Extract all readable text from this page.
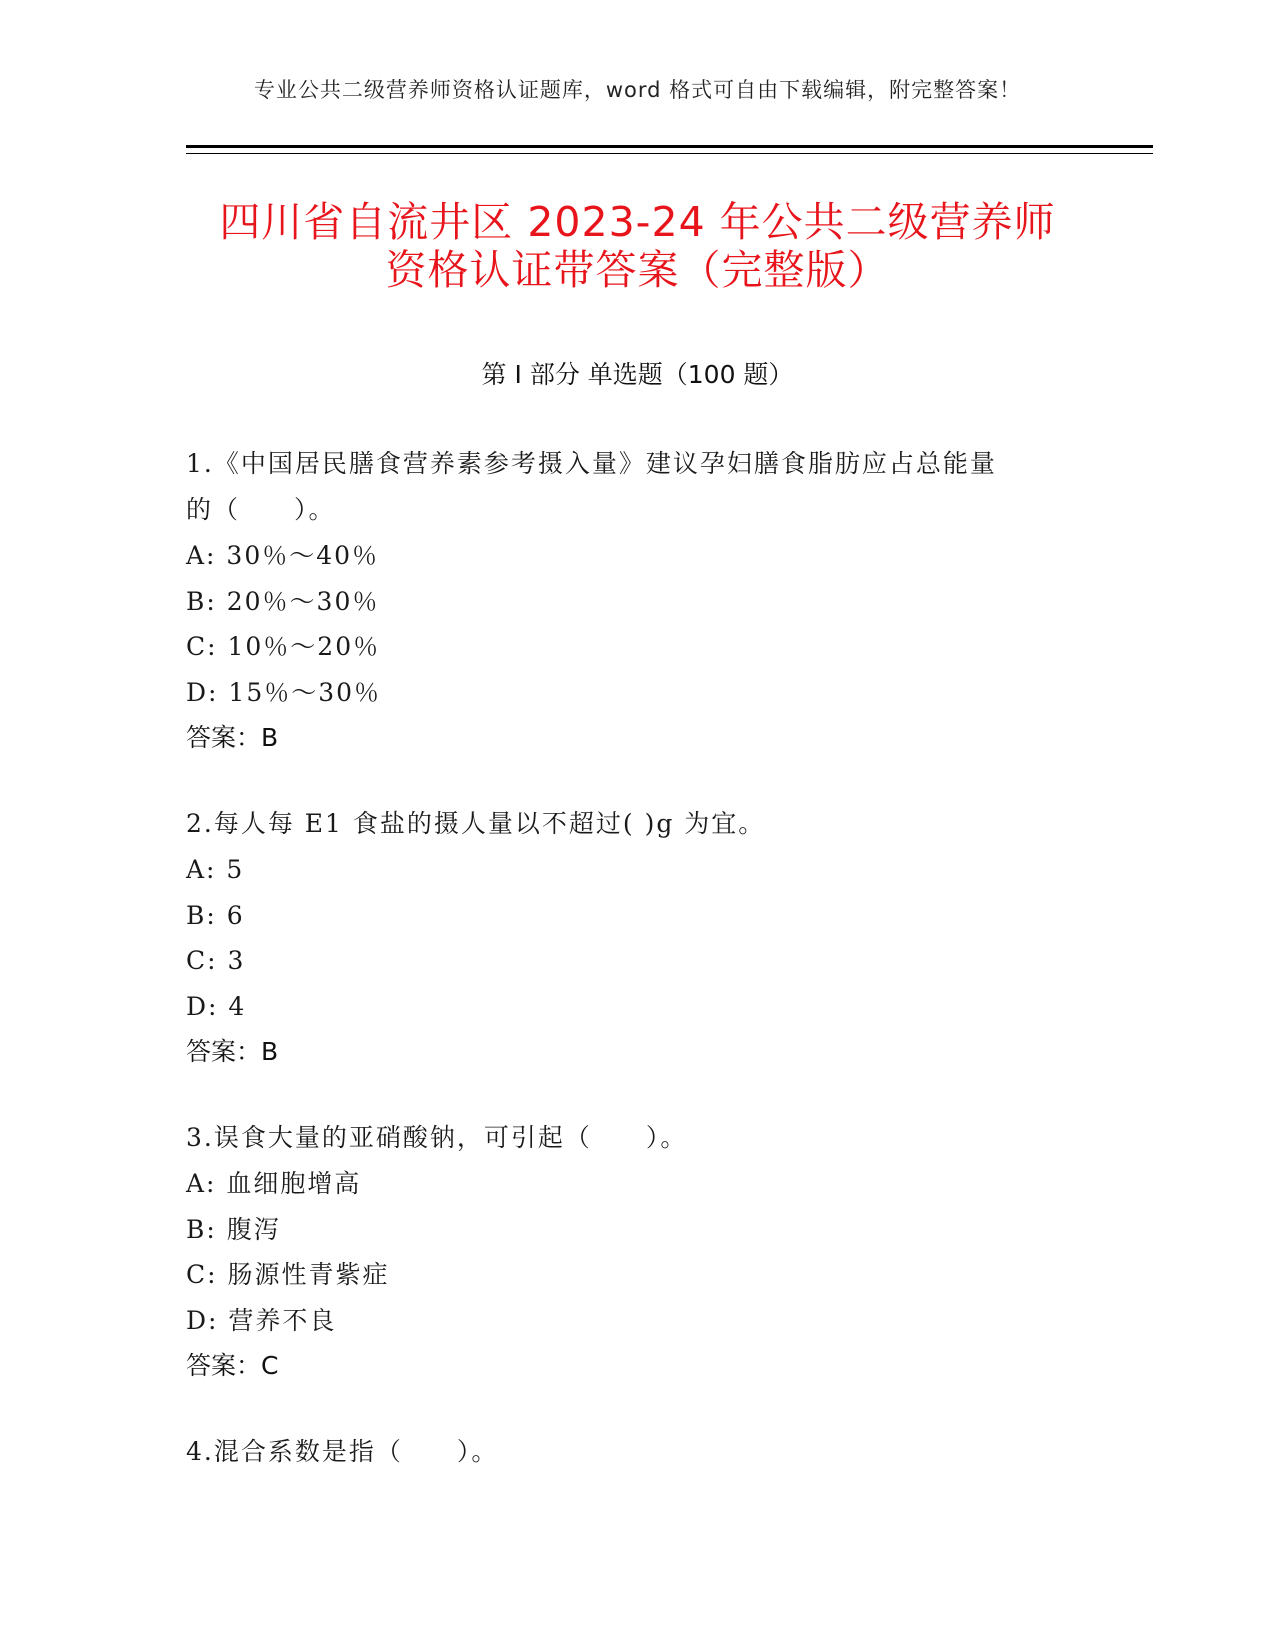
专业公共二级营养师资格认证题库，word 格式可自由下载编辑，附完整答案！
四川省自流井区 2023-24 年公共二级营养师
资格认证带答案（完整版）
第 I 部分 单选题（100 题）
1.《中国居民膳食营养素参考摄入量》建议孕妇膳食脂肪应占总能量
的（　　）。
A: 30％～40％
B: 20％～30％
C: 10％～20％
D: 15％～30％
答案：B
2.每人每 E1 食盐的摄人量以不超过( )g 为宜。
A: 5
B: 6
C: 3
D: 4
答案：B
3.误食大量的亚硝酸钠，可引起（　　）。
A: 血细胞增高
B: 腹泻
C: 肠源性青紫症
D: 营养不良
答案：C
4.混合系数是指（　　）。
